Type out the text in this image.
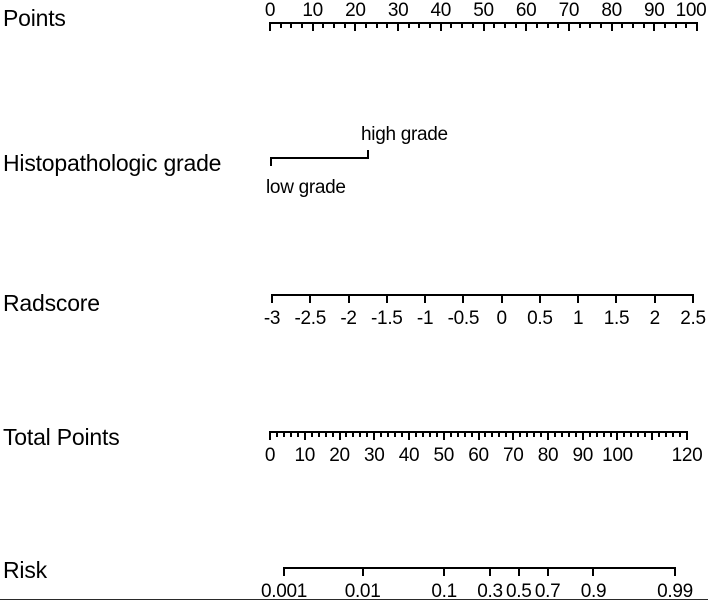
Points
Histopathologic grade
Radscore
Total Points
Risk
0 10 20 30 40 50 60 70 80 90 100
low grade
high grade
-3 -2.5 -2 -1.5 -1 -0.5 0 0.5 1 1.5 2 2.5
0 10 20 30 40 50 60 70 80 90 100 120
0.001 0.01	0.1 0.3 0.5 0.7 0.9	0.99
